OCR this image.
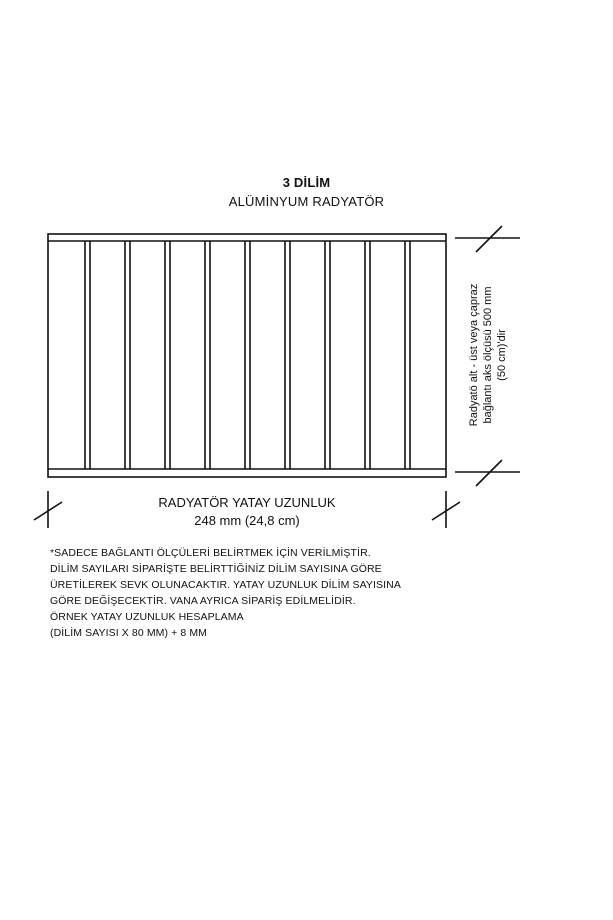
3 DİLİM
ALÜMİNYUM RADYATÖR
Radyatö alt - üst veya çapraz bağlantı aks ölçüsü 500 mm (50 cm)'dir
RADYATÖR YATAY UZUNLUK
248 mm (24,8 cm)
*SADECE BAĞLANTI ÖLÇÜLERİ BELİRTMEK İÇİN VERİLMİŞTİR.
DİLİM SAYILARI SİPARİŞTE BELİRTTİĞİNİZ DİLİM SAYISINA GÖRE
ÜRETİLEREK SEVK OLUNACAKTIR. YATAY UZUNLUK DİLİM SAYISINA
GÖRE DEĞİŞECEKTİR. VANA AYRICA SİPARİŞ EDİLMELİDİR.
ÖRNEK YATAY UZUNLUK HESAPLAMA
(DİLİM SAYISI X 80 MM) + 8 MM
